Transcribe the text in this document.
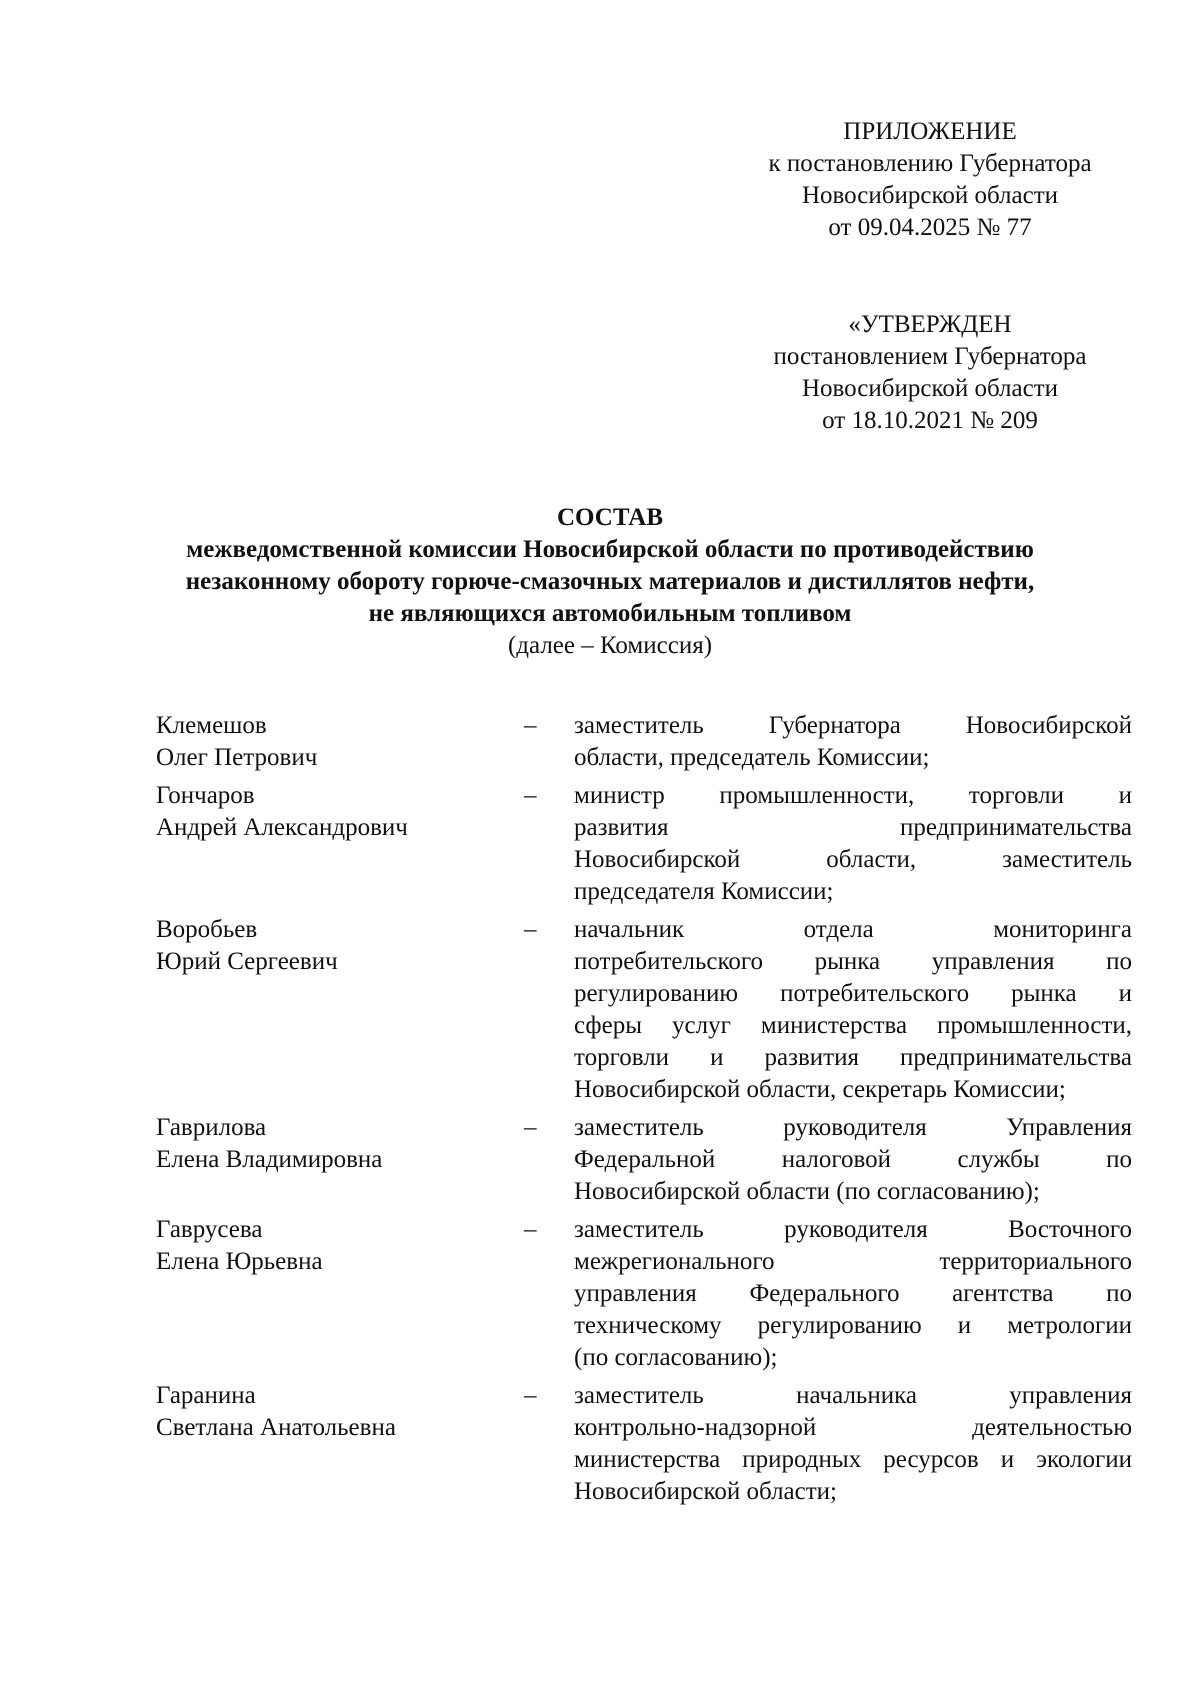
ПРИЛОЖЕНИЕ
к постановлению Губернатора
Новосибирской области
от 09.04.2025 № 77
«УТВЕРЖДЕН
постановлением Губернатора
Новосибирской области
от 18.10.2021 № 209
СОСТАВ
межведомственной комиссии Новосибирской области по противодействию
незаконному обороту горюче-смазочных материалов и дистиллятов нефти,
не являющихся автомобильным топливом
(далее – Комиссия)
Клемешов
Олег Петрович
–	заместитель Губернатора Новосибирской
области, председатель Комиссии;
Гончаров
Андрей Александрович
–	министр промышленности, торговли и
развития предпринимательства
Новосибирской области, заместитель
председателя Комиссии;
Воробьев
Юрий Сергеевич
–	начальник отдела мониторинга
потребительского рынка управления по
регулированию потребительского рынка и
сферы услуг министерства промышленности,
торговли и развития предпринимательства
Новосибирской области, секретарь Комиссии;
Гаврилова
Елена Владимировна
–	заместитель руководителя Управления
Федеральной налоговой службы по
Новосибирской области (по согласованию);
Гаврусева
Елена Юрьевна
–	заместитель руководителя Восточного
межрегионального территориального
управления Федерального агентства по
техническому регулированию и метрологии
(по согласованию);
Гаранина
Светлана Анатольевна
–	заместитель начальника управления
контрольно-надзорной деятельностью
министерства природных ресурсов и экологии
Новосибирской области;
